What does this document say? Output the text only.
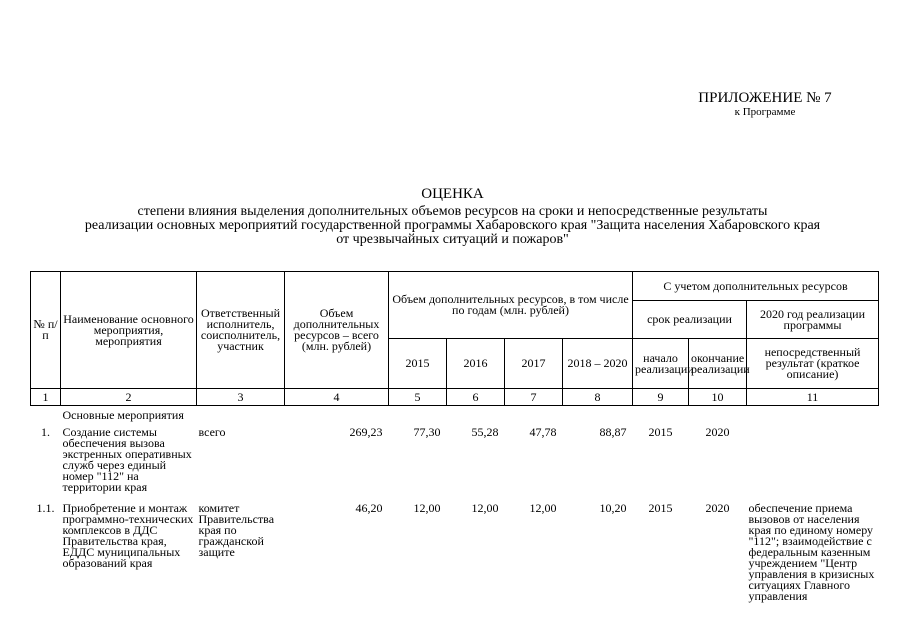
ПРИЛОЖЕНИЕ № 7
к Программе
ОЦЕНКА
степени влияния выделения дополнительных объемов ресурсов на сроки и непосредственные результаты
реализации основных мероприятий государственной программы Хабаровского края "Защита населения Хабаровского края
от чрезвычайных ситуаций и пожаров"
№ п/п	Наименование основного мероприятия, мероприятия	Ответственный исполнитель, соисполнитель, участник	Объем дополнительных ресурсов – всего (млн. рублей)	Объем дополнительных ресурсов, в том числе по годам (млн. рублей)				С учетом дополнительных ресурсов		
								срок реализации		2020 год реализации программы
				2015	2016	2017	2018 – 2020	начало реализации	окончание реализации	непосредственный результат (краткое описание)
1	2	3	4	5	6	7	8	9	10	11
	Основные мероприятия									
1.	Создание системы обеспечения вызова экстренных оперативных служб через единый номер "112" на территории края	всего	269,23	77,30	55,28	47,78	88,87	2015	2020	
1.1.	Приобретение и монтаж программно-технических комплексов в ДДС Правительства края, ЕДДС муниципальных образований края	комитет Правительства края по гражданской защите	46,20	12,00	12,00	12,00	10,20	2015	2020	обеспечение приема вызовов от населения края по единому номеру "112"; взаимодействие с федеральным казенным учреждением "Центр управления в кризисных ситуациях Главного управления
